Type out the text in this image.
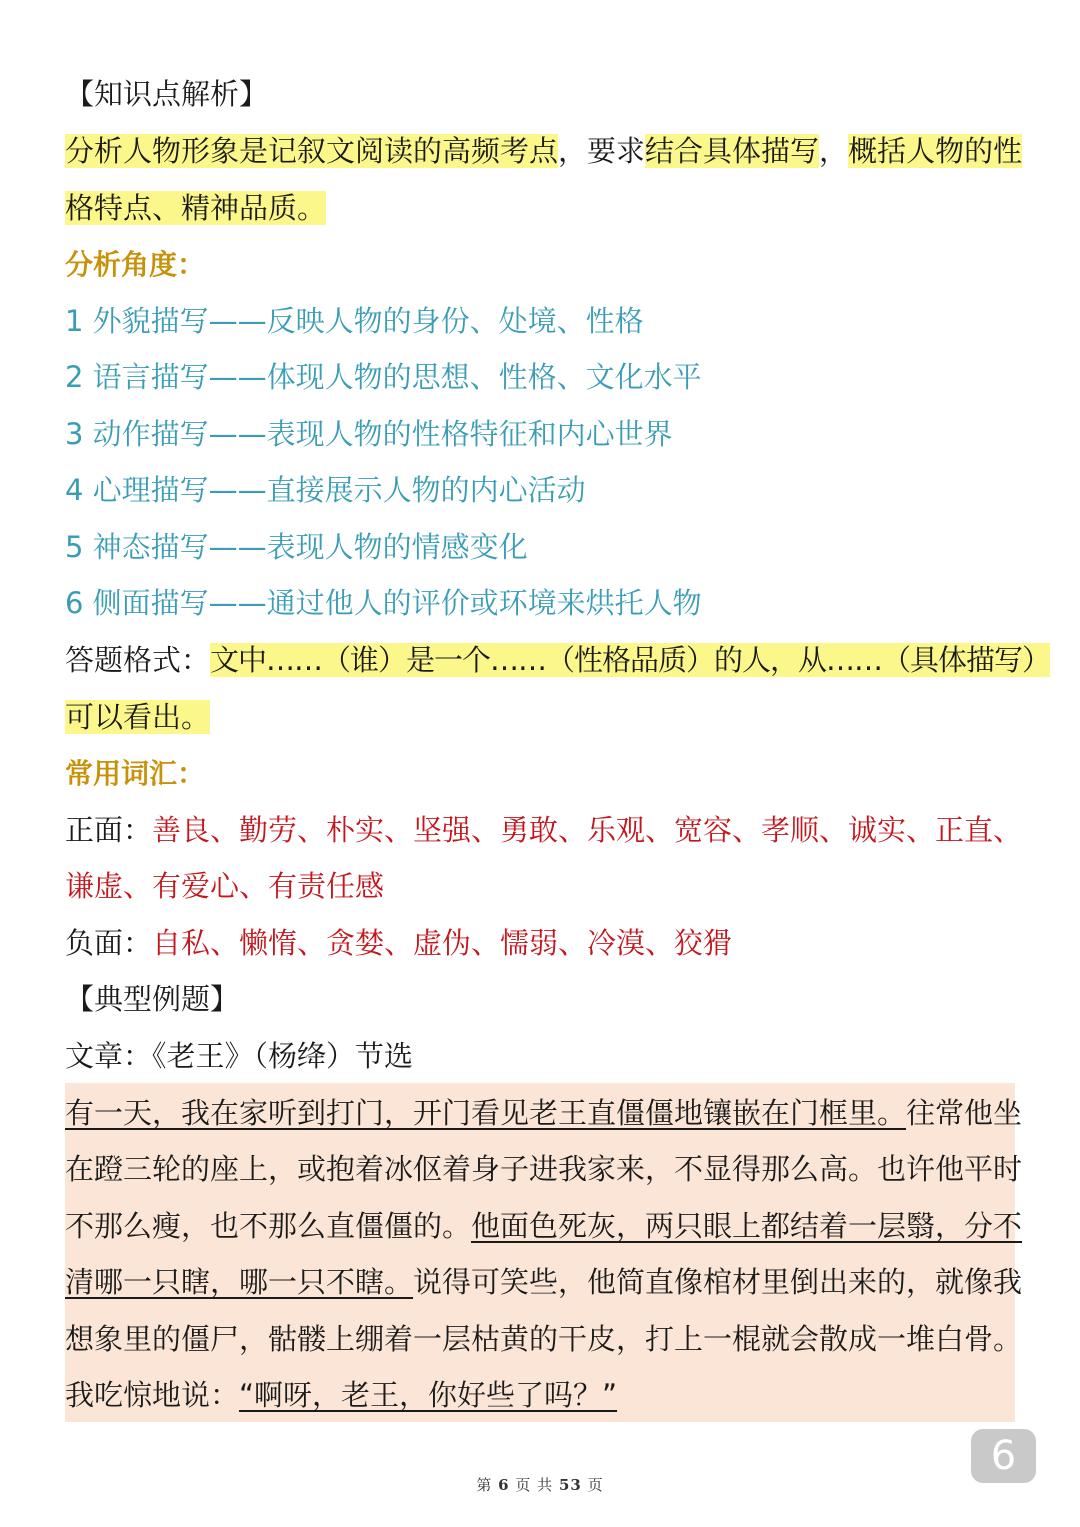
【知识点解析】
分析人物形象是记叙文阅读的高频考点，要求结合具体描写，概括人物的性
格特点、精神品质。
分析角度：
1 外貌描写——反映人物的身份、处境、性格
2 语言描写——体现人物的思想、性格、文化水平
3 动作描写——表现人物的性格特征和内心世界
4 心理描写——直接展示人物的内心活动
5 神态描写——表现人物的情感变化
6 侧面描写——通过他人的评价或环境来烘托人物
答题格式：文中……（谁）是一个……（性格品质）的人，从……（具体描写）
可以看出。
常用词汇：
正面：善良、勤劳、朴实、坚强、勇敢、乐观、宽容、孝顺、诚实、正直、
谦虚、有爱心、有责任感
负面：自私、懒惰、贪婪、虚伪、懦弱、冷漠、狡猾
【典型例题】
文章：《老王》（杨绛）节选
有一天，我在家听到打门，开门看见老王直僵僵地镶嵌在门框里。往常他坐
在蹬三轮的座上，或抱着冰伛着身子进我家来，不显得那么高。也许他平时
不那么瘦，也不那么直僵僵的。他面色死灰，两只眼上都结着一层翳，分不
清哪一只瞎，哪一只不瞎。说得可笑些，他简直像棺材里倒出来的，就像我
想象里的僵尸，骷髅上绷着一层枯黄的干皮，打上一棍就会散成一堆白骨。
我吃惊地说：“啊呀，老王，你好些了吗？”
6
第 6 页 共 53 页
